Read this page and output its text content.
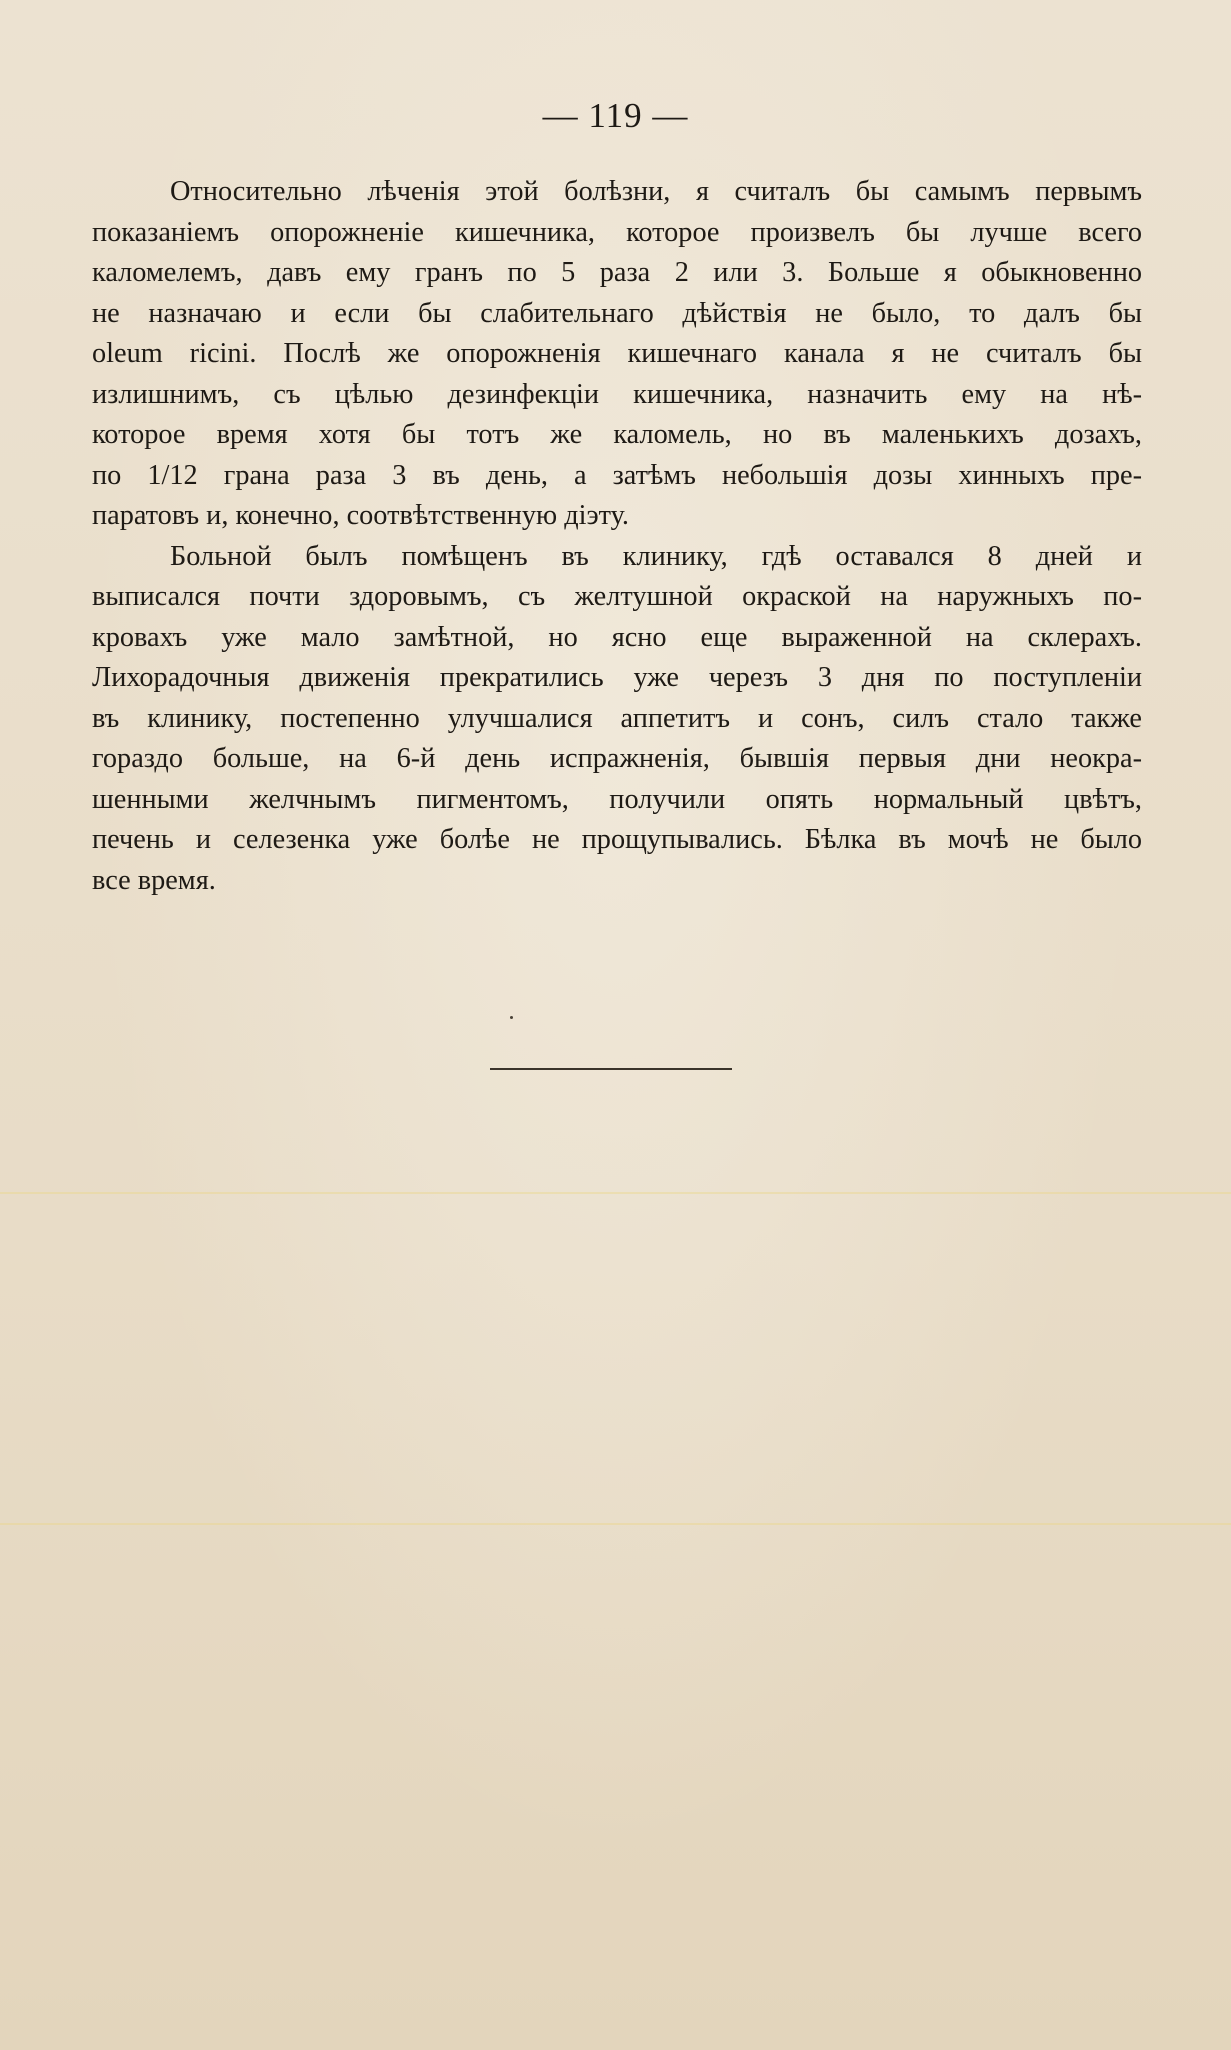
— 119 —
Относительно лѣченія этой болѣзни, я считалъ бы самымъ первымъ
показаніемъ опорожненіе кишечника, которое произвелъ бы лучше всего
каломелемъ, давъ ему гранъ по 5 раза 2 или 3. Больше я обыкновенно
не назначаю и если бы слабительнаго дѣйствія не было, то далъ бы
oleum ricini. Послѣ же опорожненія кишечнаго канала я не считалъ бы
излишнимъ, съ цѣлью дезинфекціи кишечника, назначить ему на нѣ-
которое время хотя бы тотъ же каломель, но въ маленькихъ дозахъ,
по 1/12 грана раза 3 въ день, а затѣмъ небольшія дозы хинныхъ пре-
паратовъ и, конечно, соотвѣтственную діэту.
Больной былъ помѣщенъ въ клинику, гдѣ оставался 8 дней и
выписался почти здоровымъ, съ желтушной окраской на наружныхъ по-
кровахъ уже мало замѣтной, но ясно еще выраженной на склерахъ.
Лихорадочныя движенія прекратились уже черезъ 3 дня по поступленіи
въ клинику, постепенно улучшалися аппетитъ и сонъ, силъ стало также
гораздо больше, на 6-й день испражненія, бывшія первыя дни неокра-
шенными желчнымъ пигментомъ, получили опять нормальный цвѣтъ,
печень и селезенка уже болѣе не прощупывались. Бѣлка въ мочѣ не было
все время.
